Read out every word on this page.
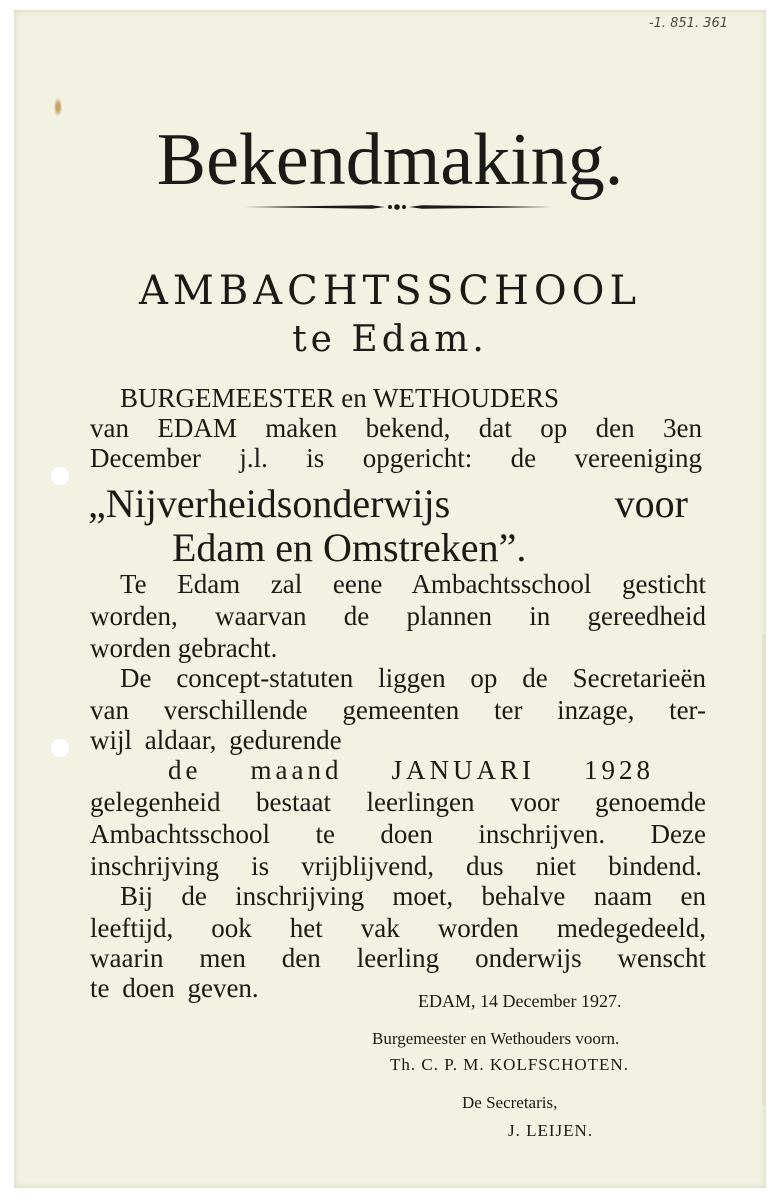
-1. 851. 361
Bekendmaking.
AMBACHTSSCHOOL
te Edam.
BURGEMEESTER en WETHOUDERS
van EDAM maken bekend, dat op den 3en
December j.l. is opgericht: de vereeniging
„Nijverheidsonderwijs voor
Edam en Omstreken”.
Te Edam zal eene Ambachtsschool gesticht
worden, waarvan de plannen in gereedheid
worden gebracht.
De concept-statuten liggen op de Secretarieën
van verschillende gemeenten ter inzage, ter-
wijl aldaar, gedurende
de maand JANUARI 1928
gelegenheid bestaat leerlingen voor genoemde
Ambachtsschool te doen inschrijven. Deze
inschrijving is vrijblijvend, dus niet bindend.
Bij de inschrijving moet, behalve naam en
leeftijd, ook het vak worden medegedeeld,
waarin men den leerling onderwijs wenscht
te doen geven.	EDAM, 14 December 1927.
Burgemeester en Wethouders voorn.
Th. C. P. M. KOLFSCHOTEN.
De Secretaris,
J. LEIJEN.
